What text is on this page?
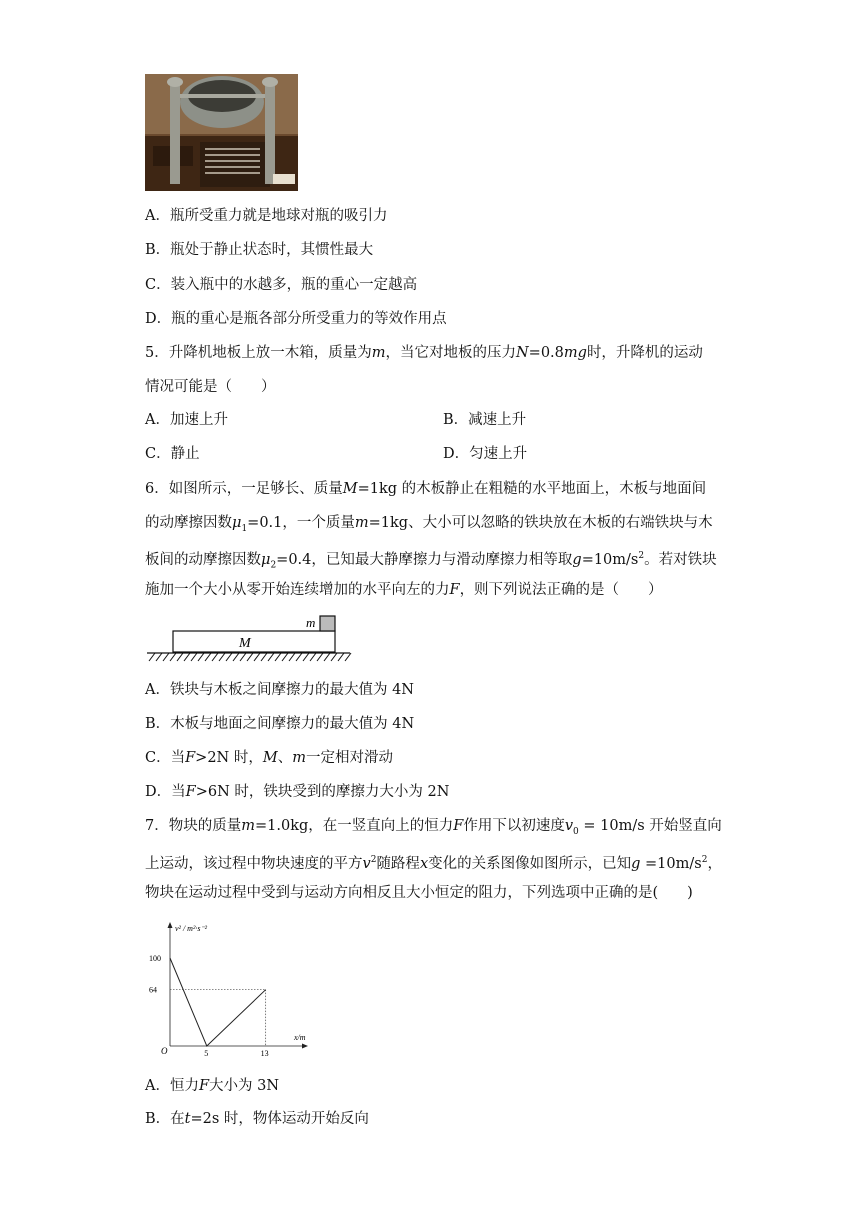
A．瓶所受重力就是地球对瓶的吸引力
B．瓶处于静止状态时，其惯性最大
C．装入瓶中的水越多，瓶的重心一定越高
D．瓶的重心是瓶各部分所受重力的等效作用点
5．升降机地板上放一木箱，质量为m，当它对地板的压力N=0.8mg时，升降机的运动
情况可能是（　　）
A．加速上升	B．减速上升
C．静止	D．匀速上升
6．如图所示，一足够长、质量M=1kg 的木板静止在粗糙的水平地面上，木板与地面间
的动摩擦因数$\mu_1=0.1$，一个质量m=1kg、大小可以忽略的铁块放在木板的右端铁块与木
板间的动摩擦因数$\mu_2=0.4$，已知最大静摩擦力与滑动摩擦力相等取$g=10m/s^2$。若对铁块
施加一个大小从零开始连续增加的水平向左的力F，则下列说法正确的是（　　）
m
M
A．铁块与木板之间摩擦力的最大值为 4N
B．木板与地面之间摩擦力的最大值为 4N
C．当F>2N 时，M、m一定相对滑动
D．当F>6N 时，铁块受到的摩擦力大小为 2N
7．物块的质量m=1.0kg，在一竖直向上的恒力F作用下以初速度$v_0 = 10m/s$ 开始竖直向
上运动，该过程中物块速度的平方$v^2$随路程x变化的关系图像如图所示，已知$g =10m/s^2$，
物块在运动过程中受到与运动方向相反且大小恒定的阻力，下列选项中正确的是(　　)
v² / m²·s⁻²
x/m
O
100
64
5	13
A．恒力F大小为 3N
B．在t=2s 时，物体运动开始反向
